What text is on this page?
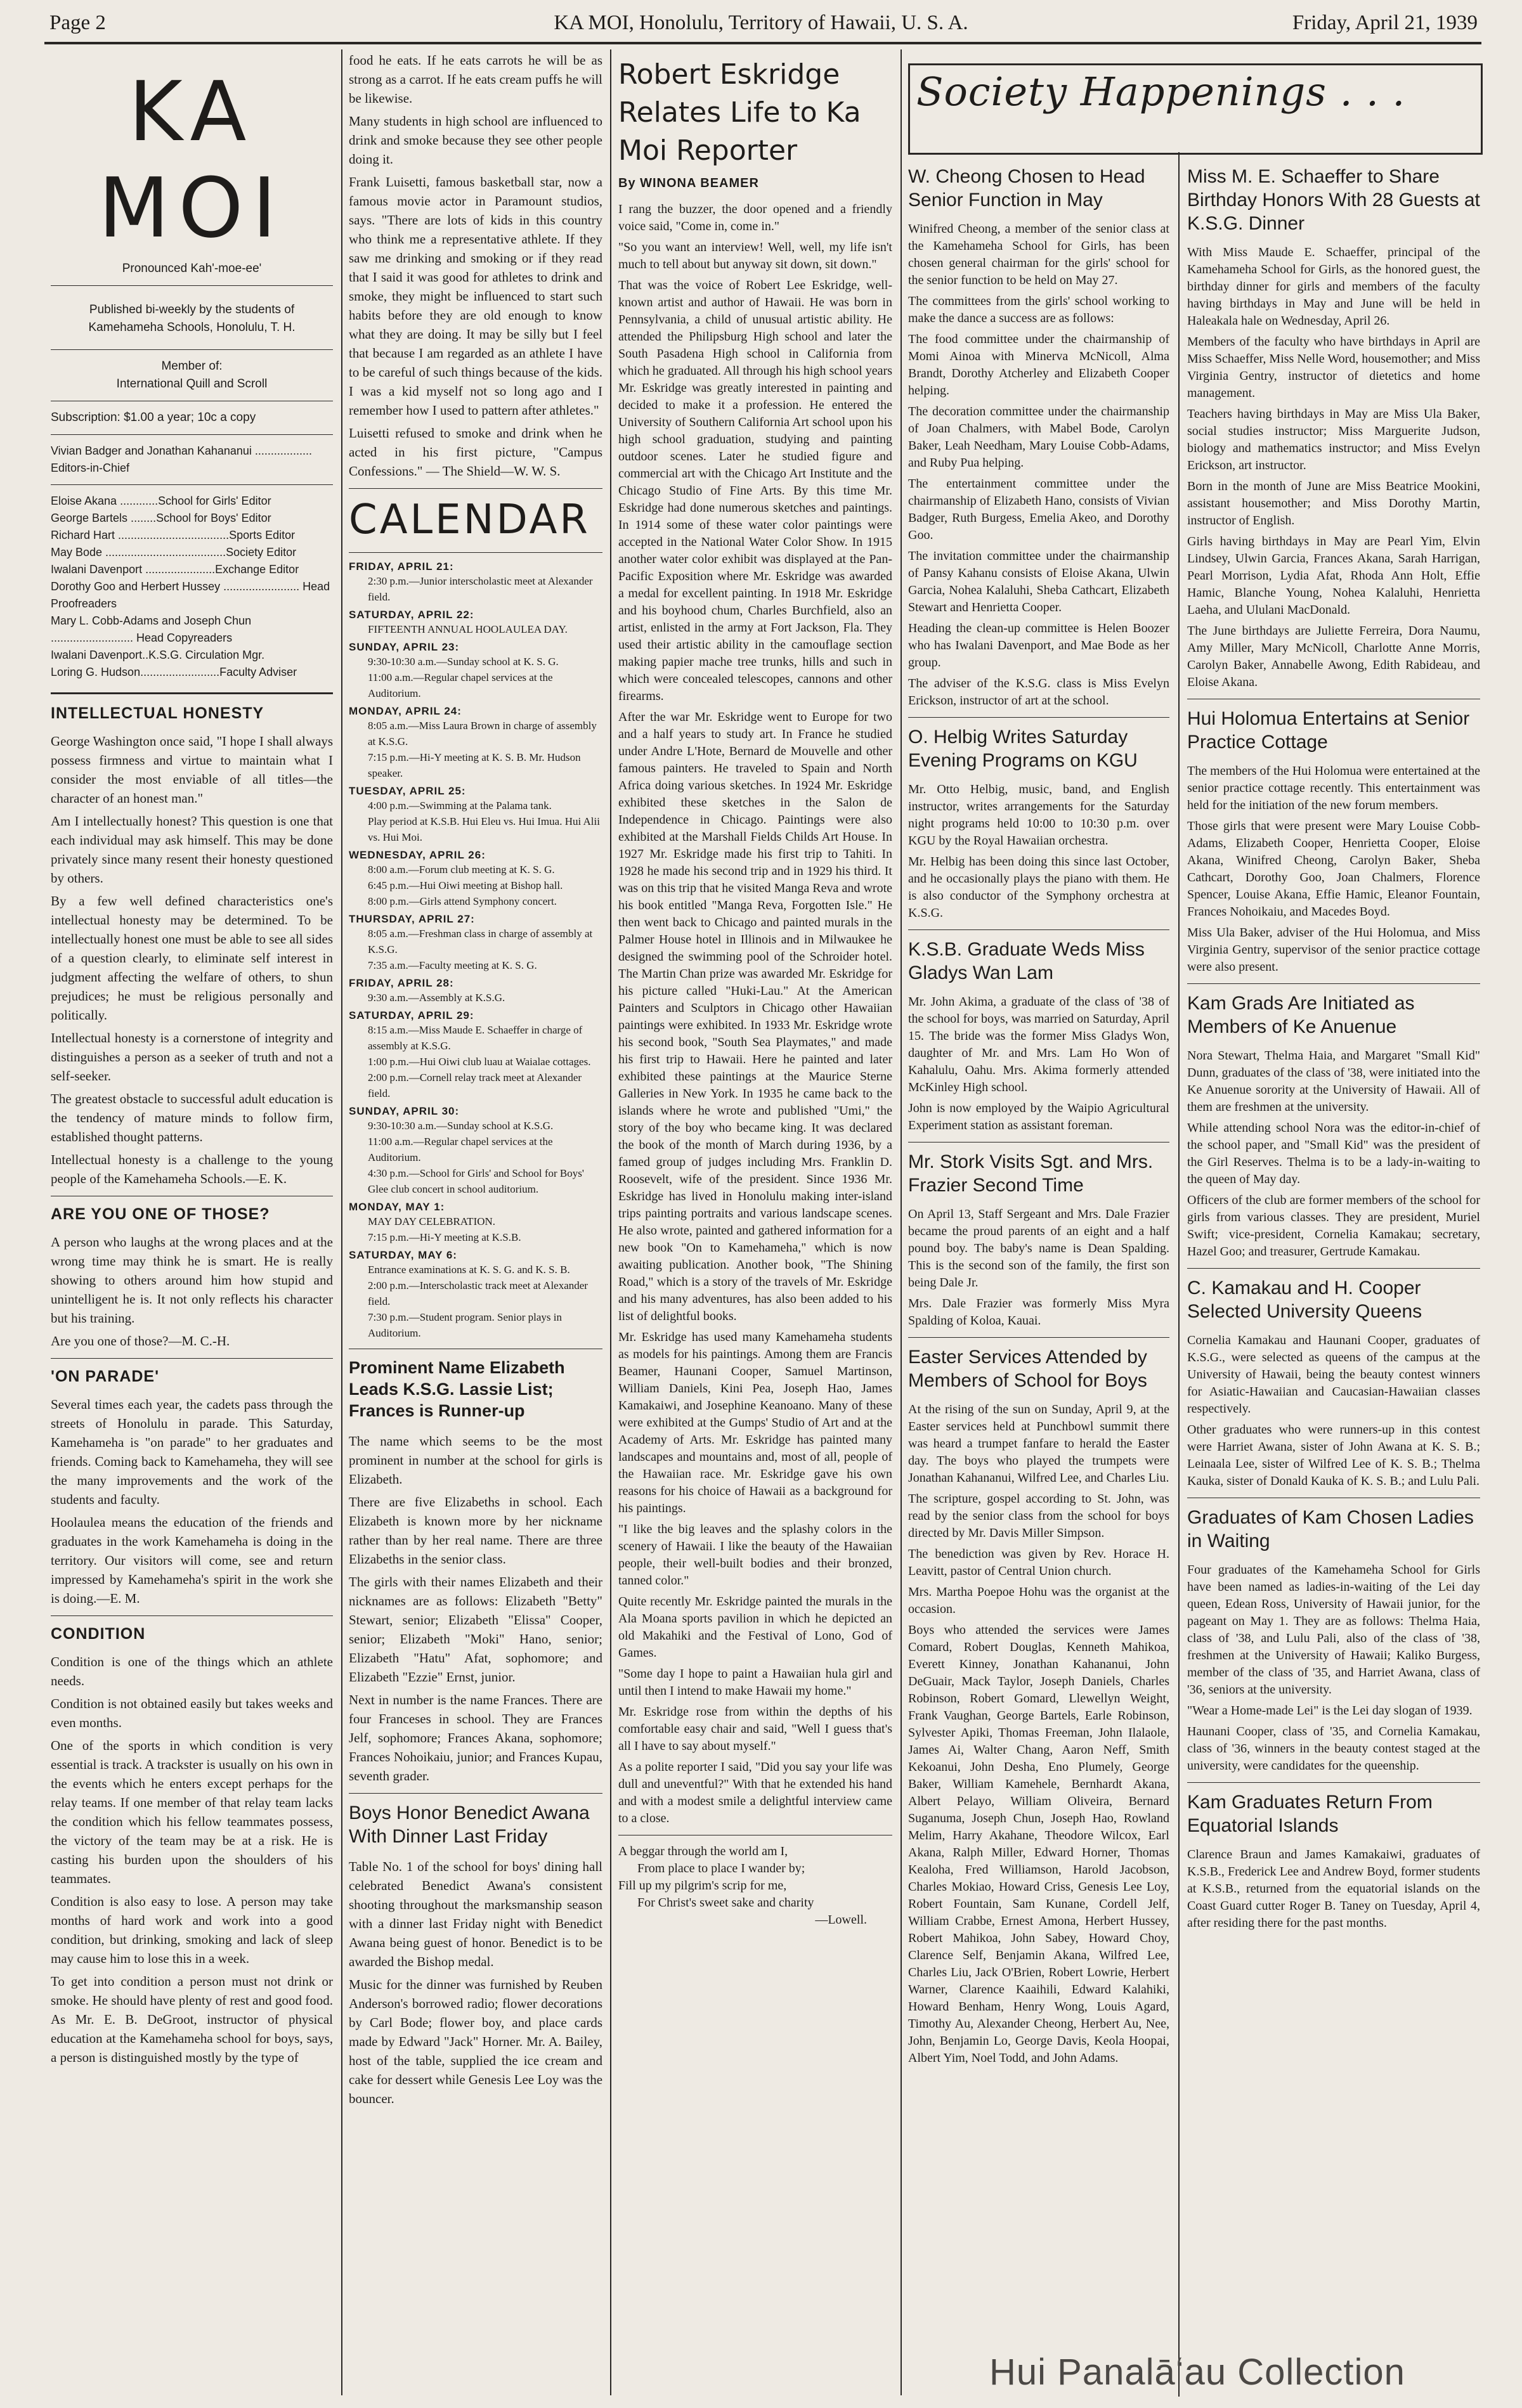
Page 2	KA MOI, Honolulu, Territory of Hawaii, U. S. A.	Friday, April 21, 1939
KA MOI
Pronounced Kah'-moe-ee'
Published bi-weekly by the students of Kamehameha Schools, Honolulu, T. H.
Member of:
International Quill and Scroll
Subscription: $1.00 a year; 10c a copy
Vivian Badger and Jonathan Kahananui .................. Editors-in-Chief
Eloise Akana ............School for Girls' Editor
George Bartels ........School for Boys' Editor
Richard Hart ...................................Sports Editor
May Bode ......................................Society Editor
Iwalani Davenport ......................Exchange Editor
Dorothy Goo and Herbert Hussey ........................ Head Proofreaders
Mary L. Cobb-Adams and Joseph Chun .......................... Head Copyreaders
Iwalani Davenport..K.S.G. Circulation Mgr.
Loring G. Hudson.........................Faculty Adviser
INTELLECTUAL HONESTY

George Washington once said, "I hope I shall always possess firmness and virtue to maintain what I consider the most enviable of all titles—the character of an honest man."

Am I intellectually honest? This question is one that each individual may ask himself. This may be done privately since many resent their honesty questioned by others.

By a few well defined characteristics one's intellectual honesty may be determined. To be intellectually honest one must be able to see all sides of a question clearly, to eliminate self interest in judgment affecting the welfare of others, to shun prejudices; he must be religious personally and politically.

Intellectual honesty is a cornerstone of integrity and distinguishes a person as a seeker of truth and not a self-seeker.

The greatest obstacle to successful adult education is the tendency of mature minds to follow firm, established thought patterns.

Intellectual honesty is a challenge to the young people of the Kamehameha Schools.—E. K.

ARE YOU ONE OF THOSE?

A person who laughs at the wrong places and at the wrong time may think he is smart. He is really showing to others around him how stupid and unintelligent he is. It not only reflects his character but his training.

Are you one of those?—M. C.-H.

'ON PARADE'

Several times each year, the cadets pass through the streets of Honolulu in parade. This Saturday, Kamehameha is "on parade" to her graduates and friends. Coming back to Kamehameha, they will see the many improvements and the work of the students and faculty.

Hoolaulea means the education of the friends and graduates in the work Kamehameha is doing in the territory. Our visitors will come, see and return impressed by Kamehameha's spirit in the work she is doing.—E. M.

CONDITION

Condition is one of the things which an athlete needs.

Condition is not obtained easily but takes weeks and even months.

One of the sports in which condition is very essential is track. A trackster is usually on his own in the events which he enters except perhaps for the relay teams. If one member of that relay team lacks the condition which his fellow teammates possess, the victory of the team may be at a risk. He is casting his burden upon the shoulders of his teammates.

Condition is also easy to lose. A person may take months of hard work and work into a good condition, but drinking, smoking and lack of sleep may cause him to lose this in a week.

To get into condition a person must not drink or smoke. He should have plenty of rest and good food. As Mr. E. B. DeGroot, instructor of physical education at the Kamehameha school for boys, says, a person is distinguished mostly by the type of

food he eats. If he eats carrots he will be as strong as a carrot. If he eats cream puffs he will be likewise.

Many students in high school are influenced to drink and smoke because they see other people doing it.

Frank Luisetti, famous basketball star, now a famous movie actor in Paramount studios, says. "There are lots of kids in this country who think me a representative athlete. If they saw me drinking and smoking or if they read that I said it was good for athletes to drink and smoke, they might be influenced to start such habits before they are old enough to know what they are doing. It may be silly but I feel that because I am regarded as an athlete I have to be careful of such things because of the kids. I was a kid myself not so long ago and I remember how I used to pattern after athletes."

Luisetti refused to smoke and drink when he acted in his first picture, "Campus Confessions." — The Shield—W. W. S.

CALENDAR
FRIDAY, APRIL 21:
2:30 p.m.—Junior interscholastic meet at Alexander field.
SATURDAY, APRIL 22:
FIFTEENTH ANNUAL HOOLAULEA DAY.
SUNDAY, APRIL 23:
9:30-10:30 a.m.—Sunday school at K. S. G.
11:00 a.m.—Regular chapel services at the Auditorium.
MONDAY, APRIL 24:
8:05 a.m.—Miss Laura Brown in charge of assembly at K.S.G.
7:15 p.m.—Hi-Y meeting at K. S. B. Mr. Hudson speaker.
TUESDAY, APRIL 25:
4:00 p.m.—Swimming at the Palama tank.
Play period at K.S.B. Hui Eleu vs. Hui Imua. Hui Alii vs. Hui Moi.
WEDNESDAY, APRIL 26:
8:00 a.m.—Forum club meeting at K. S. G.
6:45 p.m.—Hui Oiwi meeting at Bishop hall.
8:00 p.m.—Girls attend Symphony concert.
THURSDAY, APRIL 27:
8:05 a.m.—Freshman class in charge of assembly at K.S.G.
7:35 a.m.—Faculty meeting at K. S. G.
FRIDAY, APRIL 28:
9:30 a.m.—Assembly at K.S.G.
SATURDAY, APRIL 29:
8:15 a.m.—Miss Maude E. Schaeffer in charge of assembly at K.S.G.
1:00 p.m.—Hui Oiwi club luau at Waialae cottages.
2:00 p.m.—Cornell relay track meet at Alexander field.
SUNDAY, APRIL 30:
9:30-10:30 a.m.—Sunday school at K.S.G.
11:00 a.m.—Regular chapel services at the Auditorium.
4:30 p.m.—School for Girls' and School for Boys' Glee club concert in school auditorium.
MONDAY, MAY 1:
MAY DAY CELEBRATION.
7:15 p.m.—Hi-Y meeting at K.S.B.
SATURDAY, MAY 6:
Entrance examinations at K. S. G. and K. S. B.
2:00 p.m.—Interscholastic track meet at Alexander field.
7:30 p.m.—Student program. Senior plays in Auditorium.
Prominent Name Elizabeth Leads K.S.G. Lassie List; Frances is Runner-up

The name which seems to be the most prominent in number at the school for girls is Elizabeth.

There are five Elizabeths in school. Each Elizabeth is known more by her nickname rather than by her real name. There are three Elizabeths in the senior class.

The girls with their names Elizabeth and their nicknames are as follows: Elizabeth "Betty" Stewart, senior; Elizabeth "Elissa" Cooper, senior; Elizabeth "Moki" Hano, senior; Elizabeth "Hatu" Afat, sophomore; and Elizabeth "Ezzie" Ernst, junior.

Next in number is the name Frances. There are four Franceses in school. They are Frances Jelf, sophomore; Frances Akana, sophomore; Frances Nohoikaiu, junior; and Frances Kupau, seventh grader.

Boys Honor Benedict Awana With Dinner Last Friday

Table No. 1 of the school for boys' dining hall celebrated Benedict Awana's consistent shooting throughout the marksmanship season with a dinner last Friday night with Benedict Awana being guest of honor. Benedict is to be awarded the Bishop medal.

Music for the dinner was furnished by Reuben Anderson's borrowed radio; flower decorations by Carl Bode; flower boy, and place cards made by Edward "Jack" Horner. Mr. A. Bailey, host of the table, supplied the ice cream and cake for dessert while Genesis Lee Loy was the bouncer.

Robert Eskridge Relates Life to Ka Moi Reporter
By WINONA BEAMER

I rang the buzzer, the door opened and a friendly voice said, "Come in, come in."

"So you want an interview! Well, well, my life isn't much to tell about but anyway sit down, sit down."

That was the voice of Robert Lee Eskridge, well-known artist and author of Hawaii. He was born in Pennsylvania, a child of unusual artistic ability. He attended the Philipsburg High school and later the South Pasadena High school in California from which he graduated. All through his high school years Mr. Eskridge was greatly interested in painting and decided to make it a profession. He entered the University of Southern California Art school upon his high school graduation, studying and painting outdoor scenes. Later he studied figure and commercial art with the Chicago Art Institute and the Chicago Studio of Fine Arts. By this time Mr. Eskridge had done numerous sketches and paintings. In 1914 some of these water color paintings were accepted in the National Water Color Show. In 1915 another water color exhibit was displayed at the Pan-Pacific Exposition where Mr. Eskridge was awarded a medal for excellent painting. In 1918 Mr. Eskridge and his boyhood chum, Charles Burchfield, also an artist, enlisted in the army at Fort Jackson, Fla. They used their artistic ability in the camouflage section making papier mache tree trunks, hills and such in which were concealed telescopes, cannons and other firearms.

After the war Mr. Eskridge went to Europe for two and a half years to study art. In France he studied under Andre L'Hote, Bernard de Mouvelle and other famous painters. He traveled to Spain and North Africa doing various sketches. In 1924 Mr. Eskridge exhibited these sketches in the Salon de Independence in Chicago. Paintings were also exhibited at the Marshall Fields Childs Art House. In 1927 Mr. Eskridge made his first trip to Tahiti. In 1928 he made his second trip and in 1929 his third. It was on this trip that he visited Manga Reva and wrote his book entitled "Manga Reva, Forgotten Isle." He then went back to Chicago and painted murals in the Palmer House hotel in Illinois and in Milwaukee he designed the swimming pool of the Schroider hotel. The Martin Chan prize was awarded Mr. Eskridge for his picture called "Huki-Lau." At the American Painters and Sculptors in Chicago other Hawaiian paintings were exhibited. In 1933 Mr. Eskridge wrote his second book, "South Sea Playmates," and made his first trip to Hawaii. Here he painted and later exhibited these paintings at the Maurice Sterne Galleries in New York. In 1935 he came back to the islands where he wrote and published "Umi," the story of the boy who became king. It was declared the book of the month of March during 1936, by a famed group of judges including Mrs. Franklin D. Roosevelt, wife of the president. Since 1936 Mr. Eskridge has lived in Honolulu making inter-island trips painting portraits and various landscape scenes. He also wrote, painted and gathered information for a new book "On to Kamehameha," which is now awaiting publication. Another book, "The Shining Road," which is a story of the travels of Mr. Eskridge and his many adventures, has also been added to his list of delightful books.

Mr. Eskridge has used many Kamehameha students as models for his paintings. Among them are Francis Beamer, Haunani Cooper, Samuel Martinson, William Daniels, Kini Pea, Joseph Hao, James Kamakaiwi, and Josephine Keanoano. Many of these were exhibited at the Gumps' Studio of Art and at the Academy of Arts. Mr. Eskridge has painted many landscapes and mountains and, most of all, people of the Hawaiian race. Mr. Eskridge gave his own reasons for his choice of Hawaii as a background for his paintings.

"I like the big leaves and the splashy colors in the scenery of Hawaii. I like the beauty of the Hawaiian people, their well-built bodies and their bronzed, tanned color."

Quite recently Mr. Eskridge painted the murals in the Ala Moana sports pavilion in which he depicted an old Makahiki and the Festival of Lono, God of Games.

"Some day I hope to paint a Hawaiian hula girl and until then I intend to make Hawaii my home."

Mr. Eskridge rose from within the depths of his comfortable easy chair and said, "Well I guess that's all I have to say about myself."

As a polite reporter I said, "Did you say your life was dull and uneventful?" With that he extended his hand and with a modest smile a delightful interview came to a close.

A beggar through the world am I,
From place to place I wander by;
Fill up my pilgrim's scrip for me,
For Christ's sweet sake and charity
—Lowell.
Society Happenings . . .
W. Cheong Chosen to Head Senior Function in May

Winifred Cheong, a member of the senior class at the Kamehameha School for Girls, has been chosen general chairman for the girls' school for the senior function to be held on May 27.

The committees from the girls' school working to make the dance a success are as follows:

The food committee under the chairmanship of Momi Ainoa with Minerva McNicoll, Alma Brandt, Dorothy Atcherley and Elizabeth Cooper helping.

The decoration committee under the chairmanship of Joan Chalmers, with Mabel Bode, Carolyn Baker, Leah Needham, Mary Louise Cobb-Adams, and Ruby Pua helping.

The entertainment committee under the chairmanship of Elizabeth Hano, consists of Vivian Badger, Ruth Burgess, Emelia Akeo, and Dorothy Goo.

The invitation committee under the chairmanship of Pansy Kahanu consists of Eloise Akana, Ulwin Garcia, Nohea Kalaluhi, Sheba Cathcart, Elizabeth Stewart and Henrietta Cooper.

Heading the clean-up committee is Helen Boozer who has Iwalani Davenport, and Mae Bode as her group.

The adviser of the K.S.G. class is Miss Evelyn Erickson, instructor of art at the school.

O. Helbig Writes Saturday Evening Programs on KGU

Mr. Otto Helbig, music, band, and English instructor, writes arrangements for the Saturday night programs held 10:00 to 10:30 p.m. over KGU by the Royal Hawaiian orchestra.

Mr. Helbig has been doing this since last October, and he occasionally plays the piano with them. He is also conductor of the Symphony orchestra at K.S.G.

K.S.B. Graduate Weds Miss Gladys Wan Lam

Mr. John Akima, a graduate of the class of '38 of the school for boys, was married on Saturday, April 15. The bride was the former Miss Gladys Won, daughter of Mr. and Mrs. Lam Ho Won of Kahalulu, Oahu. Mrs. Akima formerly attended McKinley High school.

John is now employed by the Waipio Agricultural Experiment station as assistant foreman.

Mr. Stork Visits Sgt. and Mrs. Frazier Second Time

On April 13, Staff Sergeant and Mrs. Dale Frazier became the proud parents of an eight and a half pound boy. The baby's name is Dean Spalding. This is the second son of the family, the first son being Dale Jr.

Mrs. Dale Frazier was formerly Miss Myra Spalding of Koloa, Kauai.

Easter Services Attended by Members of School for Boys

At the rising of the sun on Sunday, April 9, at the Easter services held at Punchbowl summit there was heard a trumpet fanfare to herald the Easter day. The boys who played the trumpets were Jonathan Kahananui, Wilfred Lee, and Charles Liu.

The scripture, gospel according to St. John, was read by the senior class from the school for boys directed by Mr. Davis Miller Simpson.

The benediction was given by Rev. Horace H. Leavitt, pastor of Central Union church.

Mrs. Martha Poepoe Hohu was the organist at the occasion.

Boys who attended the services were James Comard, Robert Douglas, Kenneth Mahikoa, Everett Kinney, Jonathan Kahananui, John DeGuair, Mack Taylor, Joseph Daniels, Charles Robinson, Robert Gomard, Llewellyn Weight, Frank Vaughan, George Bartels, Earle Robinson, Sylvester Apiki, Thomas Freeman, John Ilalaole, James Ai, Walter Chang, Aaron Neff, Smith Kekoanui, John Desha, Eno Plumely, George Baker, William Kamehele, Bernhardt Akana, Albert Pelayo, William Oliveira, Bernard Suganuma, Joseph Chun, Joseph Hao, Rowland Melim, Harry Akahane, Theodore Wilcox, Earl Akana, Ralph Miller, Edward Horner, Thomas Kealoha, Fred Williamson, Harold Jacobson, Charles Mokiao, Howard Criss, Genesis Lee Loy, Robert Fountain, Sam Kunane, Cordell Jelf, William Crabbe, Ernest Amona, Herbert Hussey, Robert Mahikoa, John Sabey, Howard Choy, Clarence Self, Benjamin Akana, Wilfred Lee, Charles Liu, Jack O'Brien, Robert Lowrie, Herbert Warner, Clarence Kaaihili, Edward Kalahiki, Howard Benham, Henry Wong, Louis Agard, Timothy Au, Alexander Cheong, Herbert Au, Nee, John, Benjamin Lo, George Davis, Keola Hoopai, Albert Yim, Noel Todd, and John Adams.

Miss M. E. Schaeffer to Share Birthday Honors With 28 Guests at K.S.G. Dinner

With Miss Maude E. Schaeffer, principal of the Kamehameha School for Girls, as the honored guest, the birthday dinner for girls and members of the faculty having birthdays in May and June will be held in Haleakala hale on Wednesday, April 26.

Members of the faculty who have birthdays in April are Miss Schaeffer, Miss Nelle Word, housemother; and Miss Virginia Gentry, instructor of dietetics and home management.

Teachers having birthdays in May are Miss Ula Baker, social studies instructor; Miss Marguerite Judson, biology and mathematics instructor; and Miss Evelyn Erickson, art instructor.

Born in the month of June are Miss Beatrice Mookini, assistant housemother; and Miss Dorothy Martin, instructor of English.

Girls having birthdays in May are Pearl Yim, Elvin Lindsey, Ulwin Garcia, Frances Akana, Sarah Harrigan, Pearl Morrison, Lydia Afat, Rhoda Ann Holt, Effie Hamic, Blanche Young, Nohea Kalaluhi, Henrietta Laeha, and Ululani MacDonald.

The June birthdays are Juliette Ferreira, Dora Naumu, Amy Miller, Mary McNicoll, Charlotte Anne Morris, Carolyn Baker, Annabelle Awong, Edith Rabideau, and Eloise Akana.

Hui Holomua Entertains at Senior Practice Cottage

The members of the Hui Holomua were entertained at the senior practice cottage recently. This entertainment was held for the initiation of the new forum members.

Those girls that were present were Mary Louise Cobb-Adams, Elizabeth Cooper, Henrietta Cooper, Eloise Akana, Winifred Cheong, Carolyn Baker, Sheba Cathcart, Dorothy Goo, Joan Chalmers, Florence Spencer, Louise Akana, Effie Hamic, Eleanor Fountain, Frances Nohoikaiu, and Macedes Boyd.

Miss Ula Baker, adviser of the Hui Holomua, and Miss Virginia Gentry, supervisor of the senior practice cottage were also present.

Kam Grads Are Initiated as Members of Ke Anuenue

Nora Stewart, Thelma Haia, and Margaret "Small Kid" Dunn, graduates of the class of '38, were initiated into the Ke Anuenue sorority at the University of Hawaii. All of them are freshmen at the university.

While attending school Nora was the editor-in-chief of the school paper, and "Small Kid" was the president of the Girl Reserves. Thelma is to be a lady-in-waiting to the queen of May day.

Officers of the club are former members of the school for girls from various classes. They are president, Muriel Swift; vice-president, Cornelia Kamakau; secretary, Hazel Goo; and treasurer, Gertrude Kamakau.

C. Kamakau and H. Cooper Selected University Queens

Cornelia Kamakau and Haunani Cooper, graduates of K.S.G., were selected as queens of the campus at the University of Hawaii, being the beauty contest winners for Asiatic-Hawaiian and Caucasian-Hawaiian classes respectively.

Other graduates who were runners-up in this contest were Harriet Awana, sister of John Awana at K. S. B.; Leinaala Lee, sister of Wilfred Lee of K. S. B.; Thelma Kauka, sister of Donald Kauka of K. S. B.; and Lulu Pali.

Graduates of Kam Chosen Ladies in Waiting

Four graduates of the Kamehameha School for Girls have been named as ladies-in-waiting of the Lei day queen, Edean Ross, University of Hawaii junior, for the pageant on May 1. They are as follows: Thelma Haia, class of '38, and Lulu Pali, also of the class of '38, freshmen at the University of Hawaii; Kaliko Burgess, member of the class of '35, and Harriet Awana, class of '36, seniors at the university.

"Wear a Home-made Lei" is the Lei day slogan of 1939.

Haunani Cooper, class of '35, and Cornelia Kamakau, class of '36, winners in the beauty contest staged at the university, were candidates for the queenship.

Kam Graduates Return From Equatorial Islands

Clarence Braun and James Kamakaiwi, graduates of K.S.B., Frederick Lee and Andrew Boyd, former students at K.S.B., returned from the equatorial islands on the Coast Guard cutter Roger B. Taney on Tuesday, April 4, after residing there for the past months.

Hui Panalāʻau Collection
